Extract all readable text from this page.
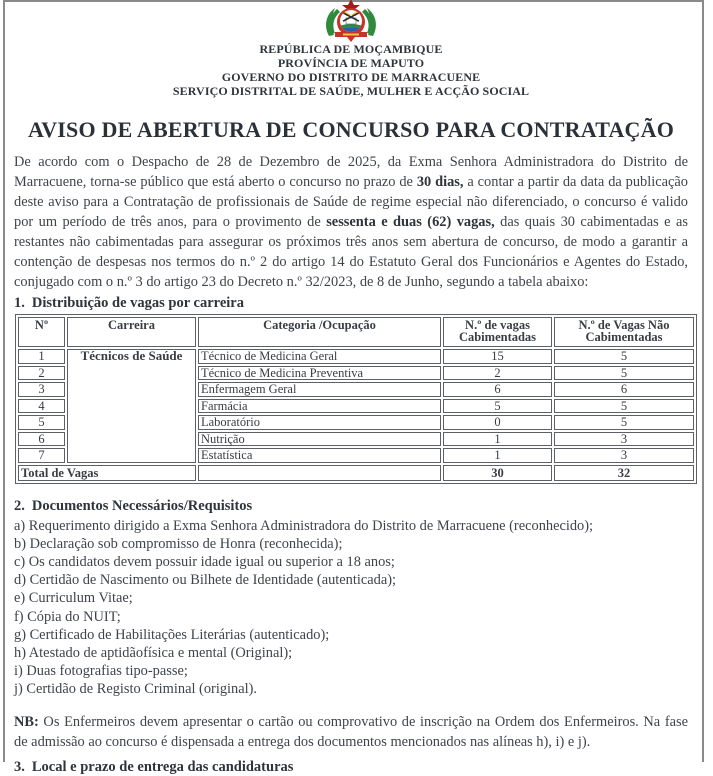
REPÚBLICA DE MOÇAMBIQUE
PROVÍNCIA DE MAPUTO
GOVERNO DO DISTRITO DE MARRACUENE
SERVIÇO DISTRITAL DE SAÚDE, MULHER E ACÇÃO SOCIAL
AVISO DE ABERTURA DE CONCURSO PARA CONTRATAÇÃO
De acordo com o Despacho de 28 de Dezembro de 2025, da Exma Senhora Administradora do Distrito de Marracuene, torna-se público que está aberto o concurso no prazo de 30 dias, a contar a partir da data da publicação deste aviso para a Contratação de profissionais de Saúde de regime especial não diferenciado, o concurso é valido por um período de três anos, para o provimento de sessenta e duas (62) vagas, das quais 30 cabimentadas e as restantes não cabimentadas para assegurar os próximos três anos sem abertura de concurso, de modo a garantir a contenção de despesas nos termos do n.º 2 do artigo 14 do Estatuto Geral dos Funcionários e Agentes do Estado, conjugado com o n.º 3 do artigo 23 do Decreto n.º 32/2023, de 8 de Junho, segundo a tabela abaixo:
1. Distribuição de vagas por carreira
Nº	Carreira	Categoria /Ocupação	N.º de vagas Cabimentadas	N.º de Vagas Não Cabimentadas
1	Técnicos de Saúde	Técnico de Medicina Geral	15	5
2		Técnico de Medicina Preventiva	2	5
3		Enfermagem Geral	6	6
4		Farmácia	5	5
5		Laboratório	0	5
6		Nutrição	1	3
7		Estatística	1	3
Total de Vagas			30	32
2. Documentos Necessários/Requisitos
a) Requerimento dirigido a Exma Senhora Administradora do Distrito de Marracuene (reconhecido);
b) Declaração sob compromisso de Honra (reconhecida);
c) Os candidatos devem possuir idade igual ou superior a 18 anos;
d) Certidão de Nascimento ou Bilhete de Identidade (autenticada);
e) Curriculum Vitae;
f) Cópia do NUIT;
g) Certificado de Habilitações Literárias (autenticado);
h) Atestado de aptidãofísica e mental (Original);
i) Duas fotografias tipo-passe;
j) Certidão de Registo Criminal (original).
NB: Os Enfermeiros devem apresentar o cartão ou comprovativo de inscrição na Ordem dos Enfermeiros. Na fase de admissão ao concurso é dispensada a entrega dos documentos mencionados nas alíneas h), i) e j).
3. Local e prazo de entrega das candidaturas
